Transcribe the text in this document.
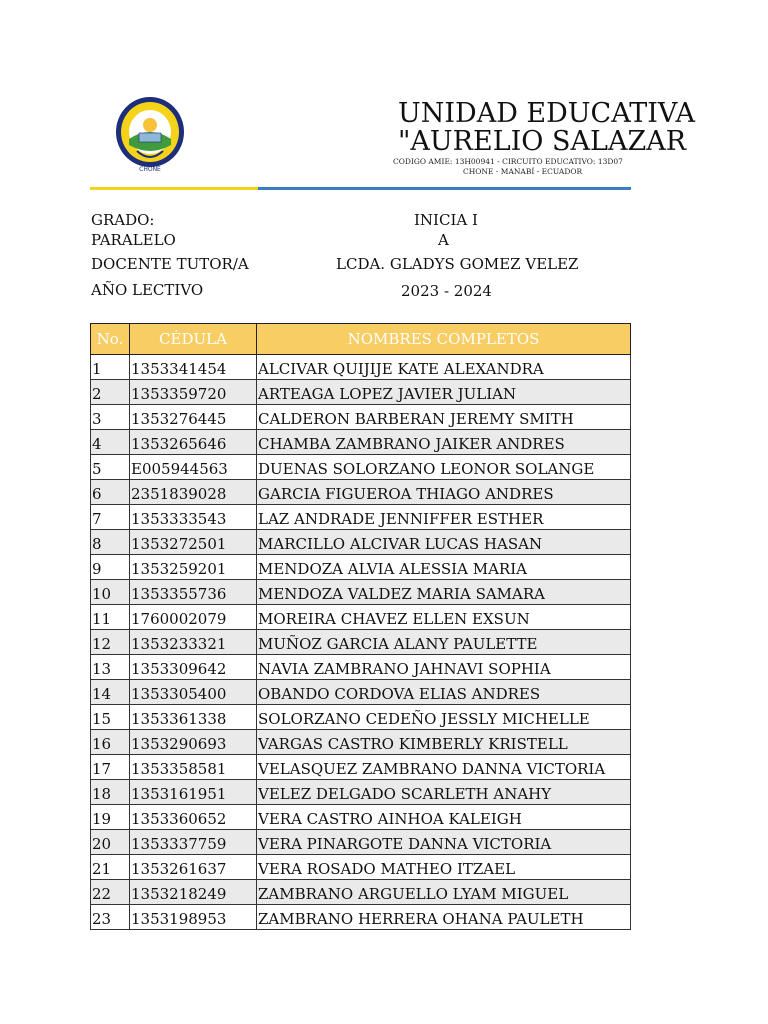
CHONE
UNIDAD EDUCATIVA
"AURELIO SALAZAR
CODIGO AMIE: 13H00941 - CIRCUITO EDUCATIVO: 13D07
CHONE - MANABÍ - ECUADOR
GRADO:	INICIA I
PARALELO	A
DOCENTE TUTOR/A	LCDA. GLADYS GOMEZ VELEZ
AÑO LECTIVO	2023 - 2024
No.	CÉDULA	NOMBRES COMPLETOS
1	1353341454	ALCIVAR QUIJIJE KATE ALEXANDRA
2	1353359720	ARTEAGA LOPEZ JAVIER JULIAN
3	1353276445	CALDERON BARBERAN JEREMY SMITH
4	1353265646	CHAMBA ZAMBRANO JAIKER ANDRES
5	E005944563	DUENAS SOLORZANO LEONOR SOLANGE
6	2351839028	GARCIA FIGUEROA THIAGO ANDRES
7	1353333543	LAZ ANDRADE JENNIFFER ESTHER
8	1353272501	MARCILLO ALCIVAR LUCAS HASAN
9	1353259201	MENDOZA ALVIA ALESSIA MARIA
10	1353355736	MENDOZA VALDEZ MARIA SAMARA
11	1760002079	MOREIRA CHAVEZ ELLEN EXSUN
12	1353233321	MUÑOZ GARCIA ALANY PAULETTE
13	1353309642	NAVIA ZAMBRANO JAHNAVI SOPHIA
14	1353305400	OBANDO CORDOVA ELIAS ANDRES
15	1353361338	SOLORZANO CEDEÑO JESSLY MICHELLE
16	1353290693	VARGAS CASTRO KIMBERLY KRISTELL
17	1353358581	VELASQUEZ ZAMBRANO DANNA VICTORIA
18	1353161951	VELEZ DELGADO SCARLETH ANAHY
19	1353360652	VERA CASTRO AINHOA KALEIGH
20	1353337759	VERA PINARGOTE DANNA VICTORIA
21	1353261637	VERA ROSADO MATHEO ITZAEL
22	1353218249	ZAMBRANO ARGUELLO LYAM MIGUEL
23	1353198953	ZAMBRANO HERRERA OHANA PAULETH
